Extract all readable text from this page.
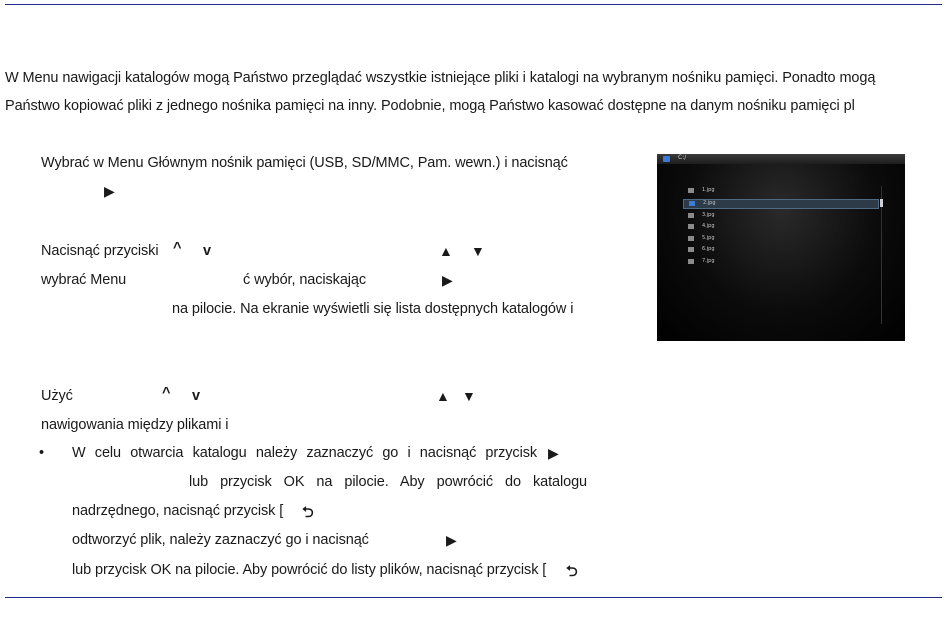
W Menu nawigacji katalogów mogą Państwo przeglądać wszystkie istniejące pliki i katalogi na wybranym nośniku pamięci. Ponadto mogą
Państwo kopiować pliki z jednego nośnika pamięci na inny. Podobnie, mogą Państwo kasować dostępne na danym nośniku pamięci pl
Wybrać w Menu Głównym nośnik pamięci (USB, SD/MMC, Pam. wewn.) i nacisnąć
▶
Nacisnąć przyciski ^ v	▲ ▼
wybrać Menu	ć wybór, naciskając	▶
na pilocie. Na ekranie wyświetli się lista dostępnych katalogów i
Użyć	^ v	▲ ▼
nawigowania między plikami i
• W celu otwarcia katalogu należy zaznaczyć go i nacisnąć przycisk ▶
lub przycisk OK na pilocie. Aby powrócić do katalogu
nadrzędnego, nacisnąć przycisk [ ⮌
odtworzyć plik, należy zaznaczyć go i nacisnąć	▶
lub przycisk OK na pilocie. Aby powrócić do listy plików, nacisnąć przycisk [ ⮌
C:/
1.jpg
2.jpg
3.jpg
4.jpg
5.jpg
6.jpg
7.jpg
